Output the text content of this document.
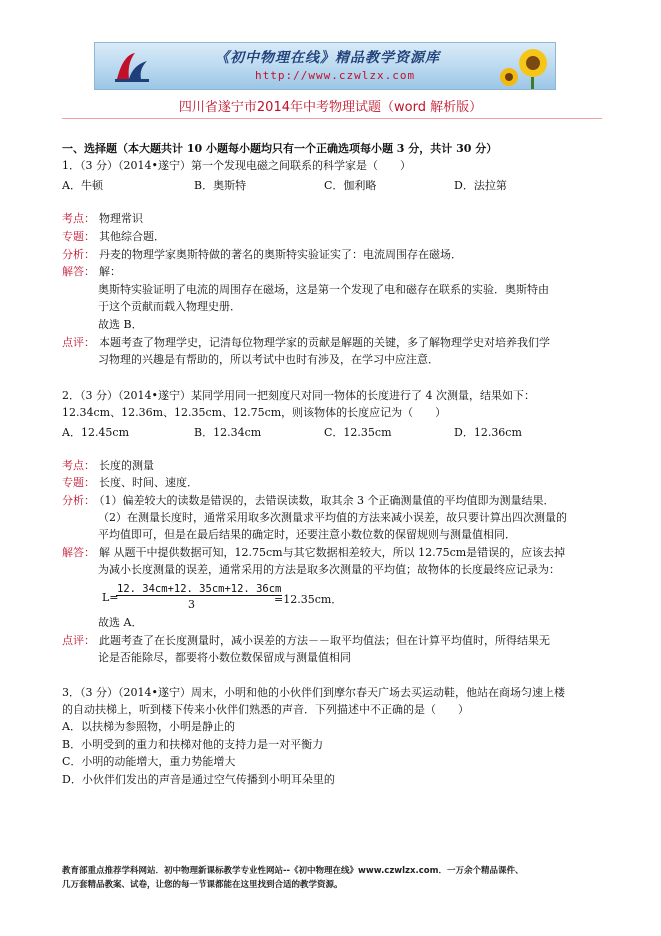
《初中物理在线》精品教学资源库
http://www.czwlzx.com
四川省遂宁市2014年中考物理试题（word 解析版）
一、选择题（本大题共计 10 小题每小题均只有一个正确选项每小题 3 分，共计 30 分）
1．（3 分）（2014•遂宁）第一个发现电磁之间联系的科学家是（　　）
A．牛顿	B．奥斯特	C．伽利略	D．法拉第
考点： 物理常识
专题： 其他综合题．
分析： 丹麦的物理学家奥斯特做的著名的奥斯特实验证实了：电流周围存在磁场．
解答： 解：
奥斯特实验证明了电流的周围存在磁场，这是第一个发现了电和磁存在联系的实验．奥斯特由
于这个贡献而载入物理史册．
故选 B．
点评： 本题考查了物理学史，记清每位物理学家的贡献是解题的关键，多了解物理学史对培养我们学
习物理的兴趣是有帮助的，所以考试中也时有涉及，在学习中应注意．
2．（3 分）（2014•遂宁）某同学用同一把刻度尺对同一物体的长度进行了 4 次测量，结果如下：
12.34cm、12.36m、12.35cm、12.75cm，则该物体的长度应记为（　　）
A．12.45cm	B．12.34cm	C．12.35cm	D．12.36cm
考点： 长度的测量
专题： 长度、时间、速度．
分析： （1）偏差较大的读数是错误的，去错误读数，取其余 3 个正确测量值的平均值即为测量结果．
（2）在测量长度时，通常采用取多次测量求平均值的方法来减小误差，故只要计算出四次测量的
平均值即可，但是在最后结果的确定时，还要注意小数位数的保留规则与测量值相同．
解答： 解 从题干中提供数据可知，12.75cm与其它数据相差较大，所以 12.75cm是错误的，应该去掉
为减小长度测量的误差，通常采用的方法是取多次测量的平均值；故物体的长度最终应记录为：
L=
12. 34cm+12. 35cm+12. 36cm
3	=12.35cm．
故选 A．
点评： 此题考查了在长度测量时，减小误差的方法－－取平均值法；但在计算平均值时，所得结果无
论是否能除尽，都要将小数位数保留成与测量值相同
3．（3 分）（2014•遂宁）周末，小明和他的小伙伴们到摩尔春天广场去买运动鞋，他站在商场匀速上楼
的自动扶梯上，听到楼下传来小伙伴们熟悉的声音．下列描述中不正确的是（　　）
A．以扶梯为参照物，小明是静止的
B．小明受到的重力和扶梯对他的支持力是一对平衡力
C．小明的动能增大，重力势能增大
D．小伙伴们发出的声音是通过空气传播到小明耳朵里的
教育部重点推荐学科网站．初中物理新课标教学专业性网站--《初中物理在线》www.czwlzx.com．一万余个精品课件、
几万套精品教案、试卷，让您的每一节课都能在这里找到合适的教学资源。
